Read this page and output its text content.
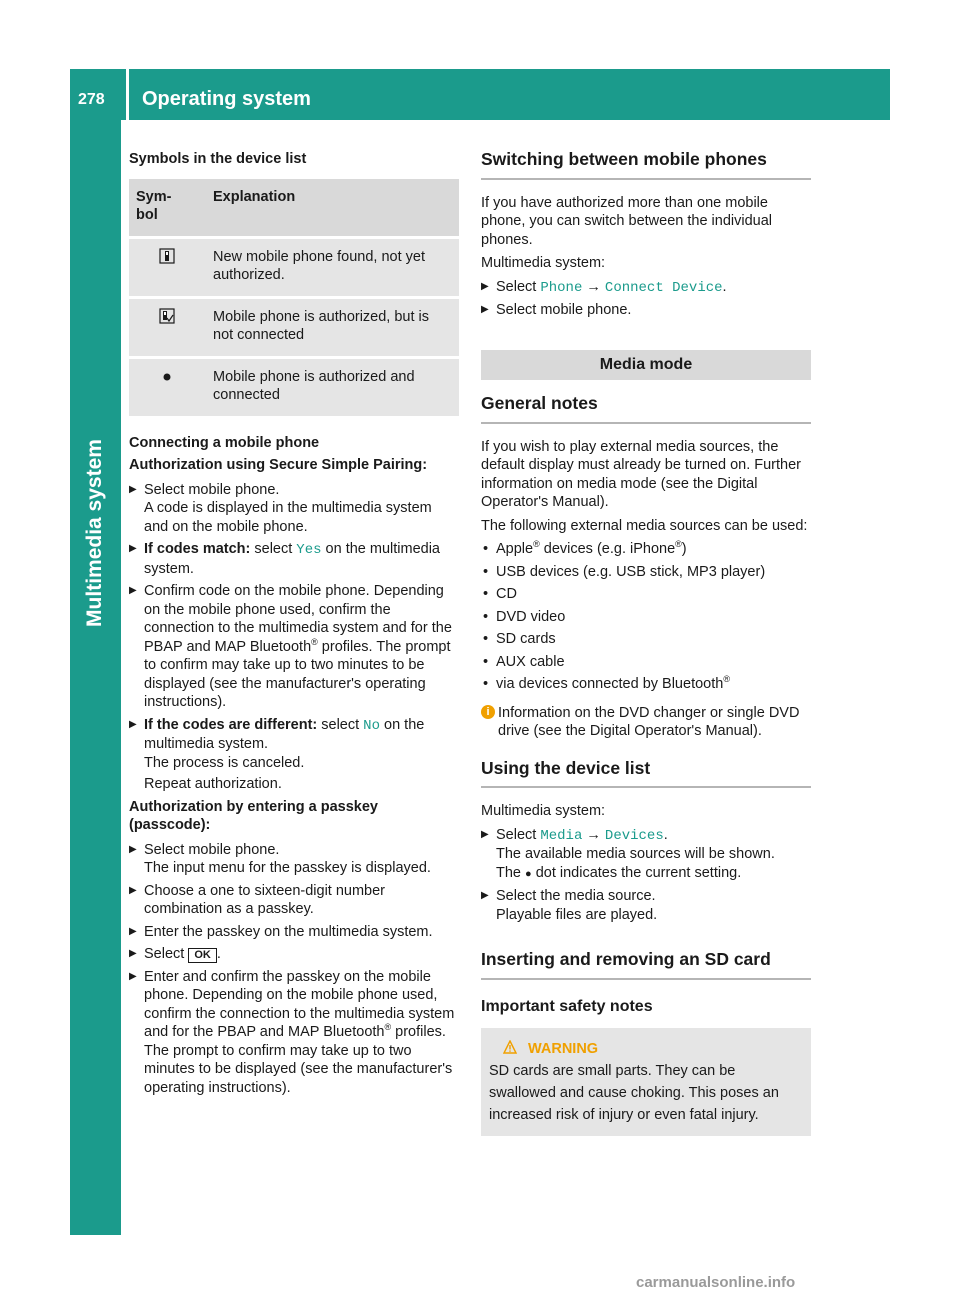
278 Operating system
Multimedia system
Symbols in the device list
Sym-
bol	Explanation
	New mobile phone found, not yet authorized.
	Mobile phone is authorized, but is not connected
	Mobile phone is authorized and connected
Connecting a mobile phone
Authorization using Secure Simple Pairing:
▶ Select mobile phone.
A code is displayed in the multimedia system and on the mobile phone.
▶ If codes match: select Yes on the multimedia system.
▶ Confirm code on the mobile phone. Depending on the mobile phone used, confirm the connection to the multimedia system and for the PBAP and MAP Bluetooth® profiles. The prompt to confirm may take up to two minutes to be displayed (see the manufacturer's operating instructions).
▶ If the codes are different: select No on the multimedia system.
The process is canceled.
Repeat authorization.
Authorization by entering a passkey (passcode):
▶ Select mobile phone.
The input menu for the passkey is displayed.
▶ Choose a one to sixteen-digit number combination as a passkey.
▶ Enter the passkey on the multimedia system.
▶ Select OK .
▶ Enter and confirm the passkey on the mobile phone. Depending on the mobile phone used, confirm the connection to the multimedia system and for the PBAP and MAP Bluetooth® profiles. The prompt to confirm may take up to two minutes to be displayed (see the manufacturer's operating instructions).
Switching between mobile phones
If you have authorized more than one mobile phone, you can switch between the individual phones.
Multimedia system:
▶ Select Phone → Connect Device.
▶ Select mobile phone.
Media mode
General notes
If you wish to play external media sources, the default display must already be turned on. Further information on media mode (see the Digital Operator's Manual).
The following external media sources can be used:
• Apple® devices (e.g. iPhone®)
• USB devices (e.g. USB stick, MP3 player)
• CD
• DVD video
• SD cards
• AUX cable
• via devices connected by Bluetooth®
i Information on the DVD changer or single DVD drive (see the Digital Operator's Manual).
Using the device list
Multimedia system:
▶ Select Media → Devices.
The available media sources will be shown.
The ● dot indicates the current setting.
▶ Select the media source.
Playable files are played.
Inserting and removing an SD card
Important safety notes
WARNING
SD cards are small parts. They can be swallowed and cause choking. This poses an increased risk of injury or even fatal injury.
carmanualsonline.info
